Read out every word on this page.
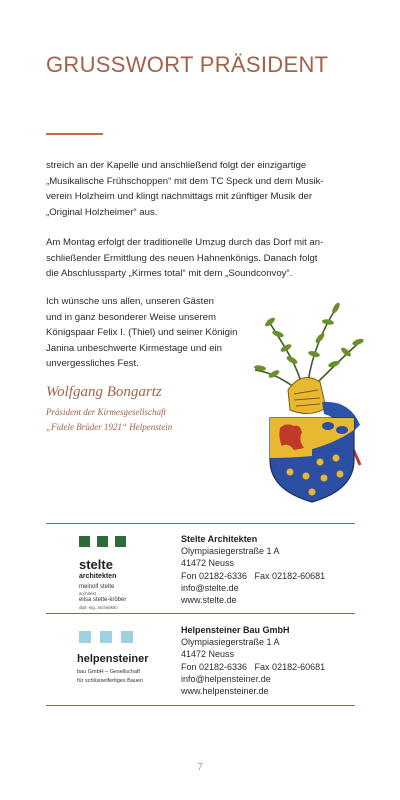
GRUSSWORT PRÄSIDENT
streich an der Kapelle und anschließend folgt der einzigartige
„Musikalische Frühschoppen“ mit dem TC Speck und dem Musik-
verein Holzheim und klingt nachmittags mit zünftiger Musik der
„Original Holzheimer“ aus.
Am Montag erfolgt der traditionelle Umzug durch das Dorf mit an-
schließender Ermittlung des neuen Hahnenkönigs. Danach folgt
die Abschlussparty „Kirmes total“ mit dem „Soundconvoy“.
Ich wünsche uns allen, unseren Gästen
und in ganz besonderer Weise unserem
Königspaar Felix I. (Thiel) und seiner Königin
Janina unbeschwerte Kirmestage und ein
unvergessliches Fest.
Wolfgang Bongartz
Präsident der Kirmesgesellschaft
„Fidele Brüder 1921“ Helpenstein
stelte
architekten
meinolf stelte
architekt
elisa stelte-kröber
dipl.-ing. architektin
Stelte Architekten
Olympiasiegerstraße 1 A
41472 Neuss
Fon 02182-6336   Fax 02182-60681
info@stelte.de
www.stelte.de
helpensteiner
bau GmbH – Gesellschaft
für schlüsselfertiges Bauen
Helpensteiner Bau GmbH
Olympiasiegerstraße 1 A
41472 Neuss
Fon 02182-6336   Fax 02182-60681
info@helpensteiner.de
www.helpensteiner.de
7
